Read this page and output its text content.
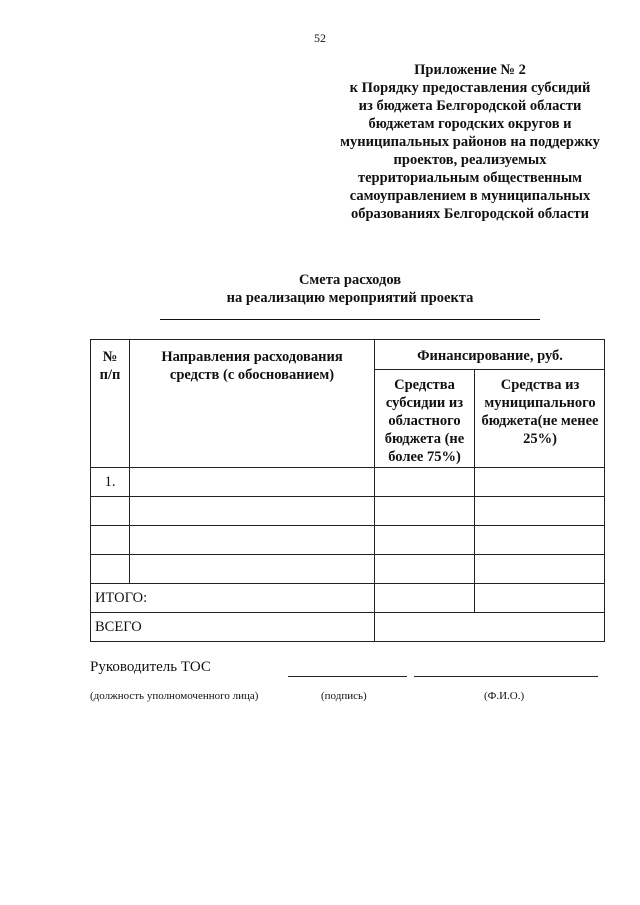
52
Приложение № 2
к Порядку предоставления субсидий
из бюджета Белгородской области
бюджетам городских округов и
муниципальных районов на поддержку
проектов, реализуемых
территориальным общественным
самоуправлением в муниципальных
образованиях Белгородской области
Смета расходов
на реализацию мероприятий проекта
№
п/п
Направления расходования
средств (с обоснованием)
Финансирование, руб.
Средства
субсидии из
областного
бюджета (не
более 75%)
Средства из
муниципального
бюджета(не менее
25%)
1.
ИТОГО:
ВСЕГО
Руководитель ТОС
(должность уполномоченного лица)	(подпись)	(Ф.И.О.)
